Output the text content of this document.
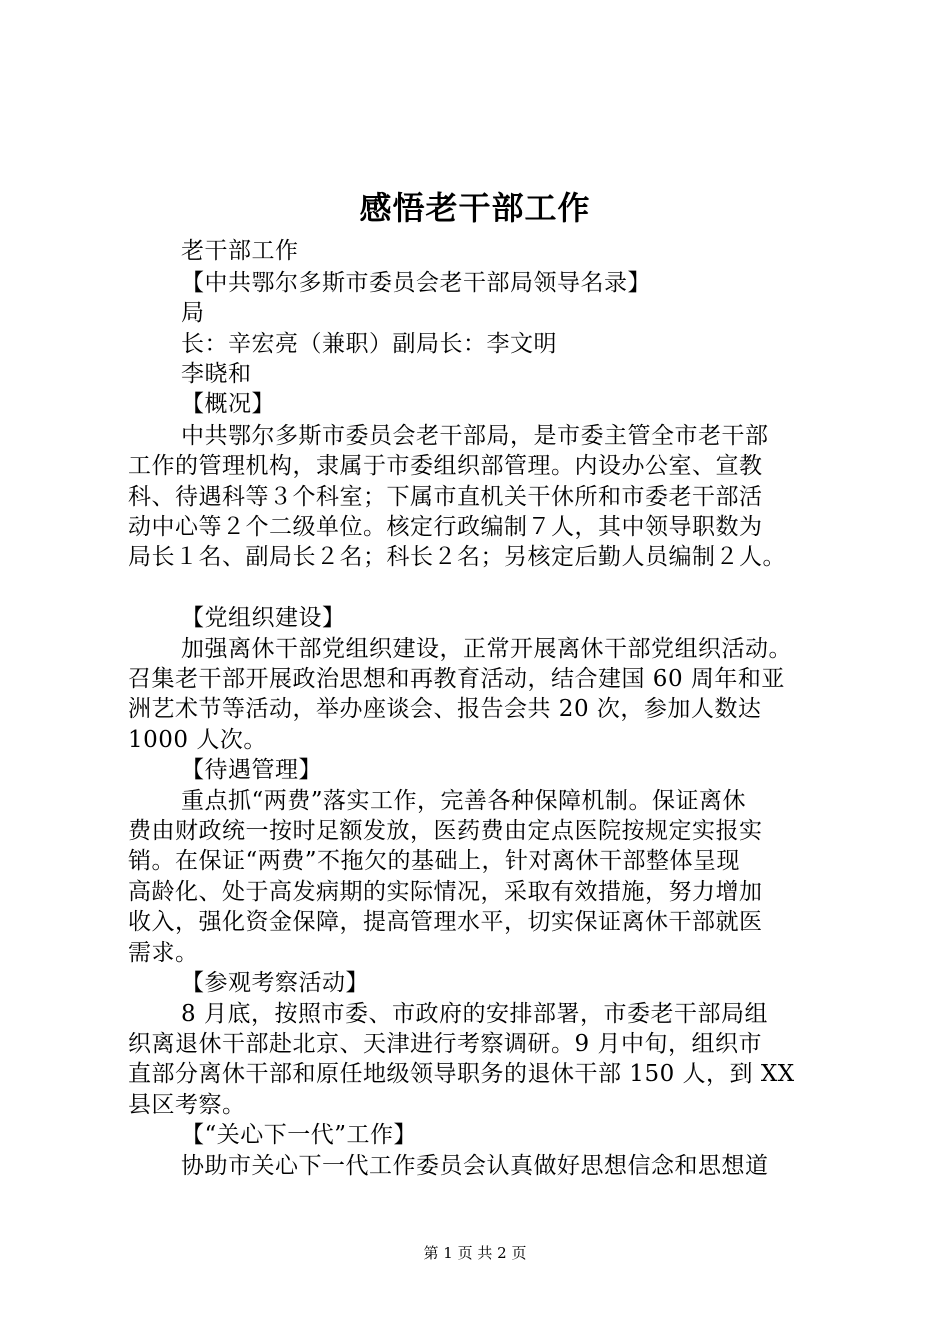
感悟老干部工作
老干部工作
【中共鄂尔多斯市委员会老干部局领导名录】
局
长：辛宏亮（兼职）副局长：李文明
李晓和
【概况】
中共鄂尔多斯市委员会老干部局，是市委主管全市老干部
工作的管理机构，隶属于市委组织部管理。内设办公室、宣教
科、待遇科等３个科室；下属市直机关干休所和市委老干部活
动中心等２个二级单位。核定行政编制７人，其中领导职数为
局长１名、副局长２名；科长２名；另核定后勤人员编制２人。
【党组织建设】
加强离休干部党组织建设，正常开展离休干部党组织活动。
召集老干部开展政治思想和再教育活动，结合建国 60 周年和亚
洲艺术节等活动，举办座谈会、报告会共 20 次，参加人数达
1000 人次。
【待遇管理】
重点抓“两费”落实工作，完善各种保障机制。保证离休
费由财政统一按时足额发放，医药费由定点医院按规定实报实
销。在保证“两费”不拖欠的基础上，针对离休干部整体呈现
高龄化、处于高发病期的实际情况，采取有效措施，努力增加
收入，强化资金保障，提高管理水平，切实保证离休干部就医
需求。
【参观考察活动】
8 月底，按照市委、市政府的安排部署，市委老干部局组
织离退休干部赴北京、天津进行考察调研。9 月中旬，组织市
直部分离休干部和原任地级领导职务的退休干部 150 人，到 XX
县区考察。
【“关心下一代”工作】
协助市关心下一代工作委员会认真做好思想信念和思想道
第 1 页 共 2 页
